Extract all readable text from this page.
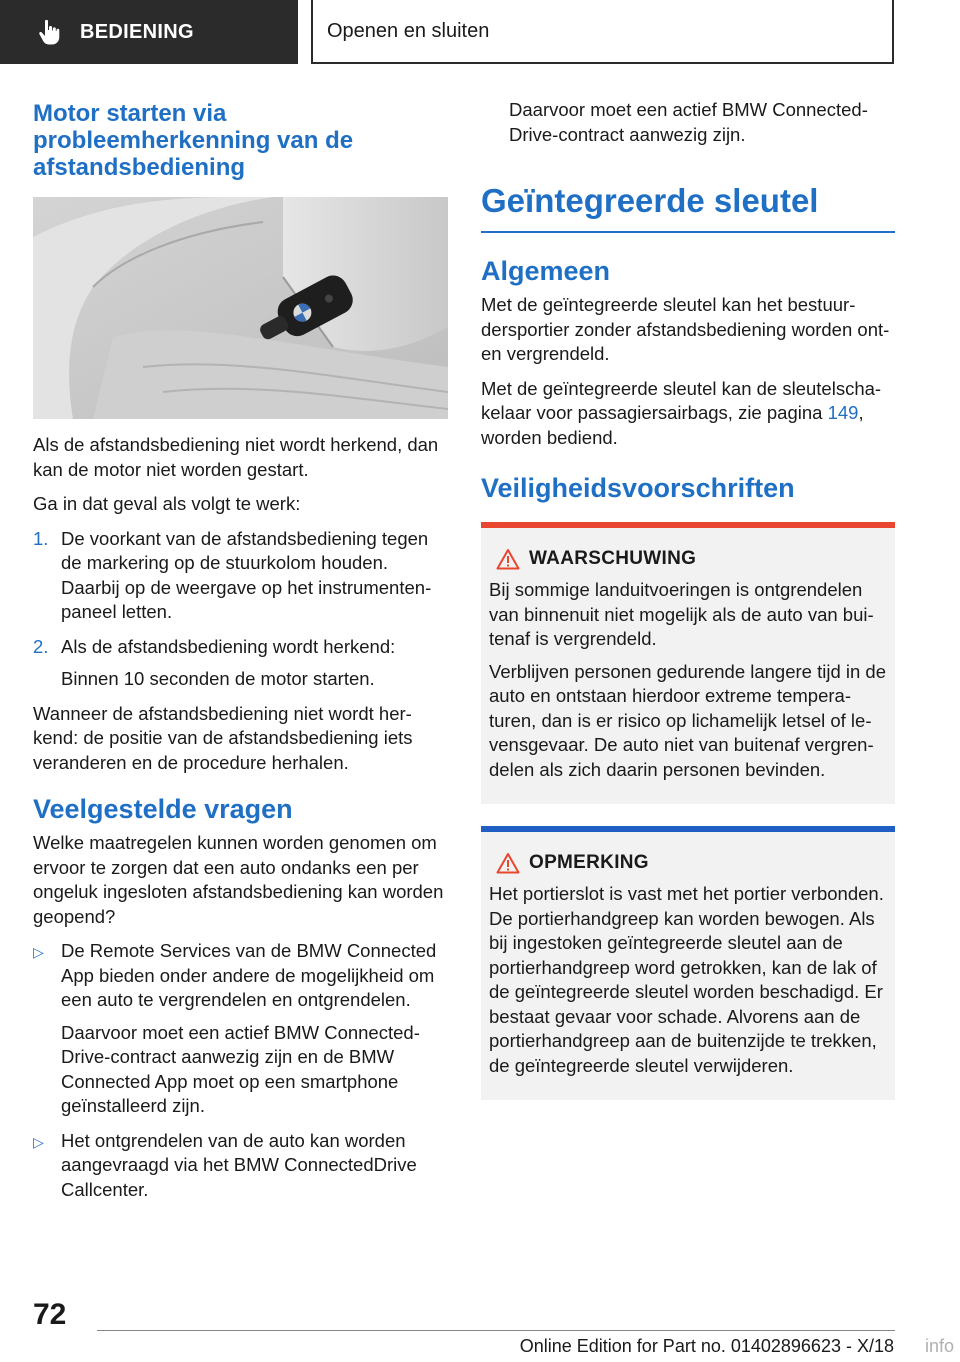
BEDIENING	Openen en sluiten
Motor starten via probleemherkenning van de afstandsbediening

Als de afstandsbediening niet wordt herkend, dan kan de motor niet worden gestart.

Ga in dat geval als volgt te werk:

1. De voorkant van de afstandsbediening tegen de markering op de stuurkolom houden. Daarbij op de weergave op het instrumentenpaneel letten.
2. Als de afstandsbediening wordt herkend:
Binnen 10 seconden de motor starten.

Wanneer de afstandsbediening niet wordt herkend: de positie van de afstandsbediening iets veranderen en de procedure herhalen.

Veelgestelde vragen

Welke maatregelen kunnen worden genomen om ervoor te zorgen dat een auto ondanks een per ongeluk ingesloten afstandsbediening kan worden geopend?

▷ De Remote Services van de BMW Connected App bieden onder andere de mogelijkheid om een auto te vergrendelen en ontgrendelen.
Daarvoor moet een actief BMW ConnectedDrive-contract aanwezig zijn en de BMW Connected App moet op een smartphone geïnstalleerd zijn.
▷ Het ontgrendelen van de auto kan worden aangevraagd via het BMW ConnectedDrive Callcenter.

Daarvoor moet een actief BMW ConnectedDrive-contract aanwezig zijn.

Geïntegreerde sleutel
Algemeen

Met de geïntegreerde sleutel kan het bestuurdersportier zonder afstandsbediening worden ont- en vergrendeld.

Met de geïntegreerde sleutel kan de sleutelschakelaar voor passagiersairbags, zie pagina 149, worden bediend.

Veiligheidsvoorschriften
WAARSCHUWING

Bij sommige landuitvoeringen is ontgrendelen van binnenuit niet mogelijk als de auto van buitenaf is vergrendeld.

Verblijven personen gedurende langere tijd in de auto en ontstaan hierdoor extreme temperaturen, dan is er risico op lichamelijk letsel of levensgevaar. De auto niet van buitenaf vergrendelen als zich daarin personen bevinden.

OPMERKING

Het portierslot is vast met het portier verbonden. De portierhandgreep kan worden bewogen. Als bij ingestoken geïntegreerde sleutel aan de portierhandgreep word getrokken, kan de lak of de geïntegreerde sleutel worden beschadigd. Er bestaat gevaar voor schade. Alvorens aan de portierhandgreep aan de buitenzijde te trekken, de geïntegreerde sleutel verwijderen.

72
Online Edition for Part no. 01402896623 - X/18 info
